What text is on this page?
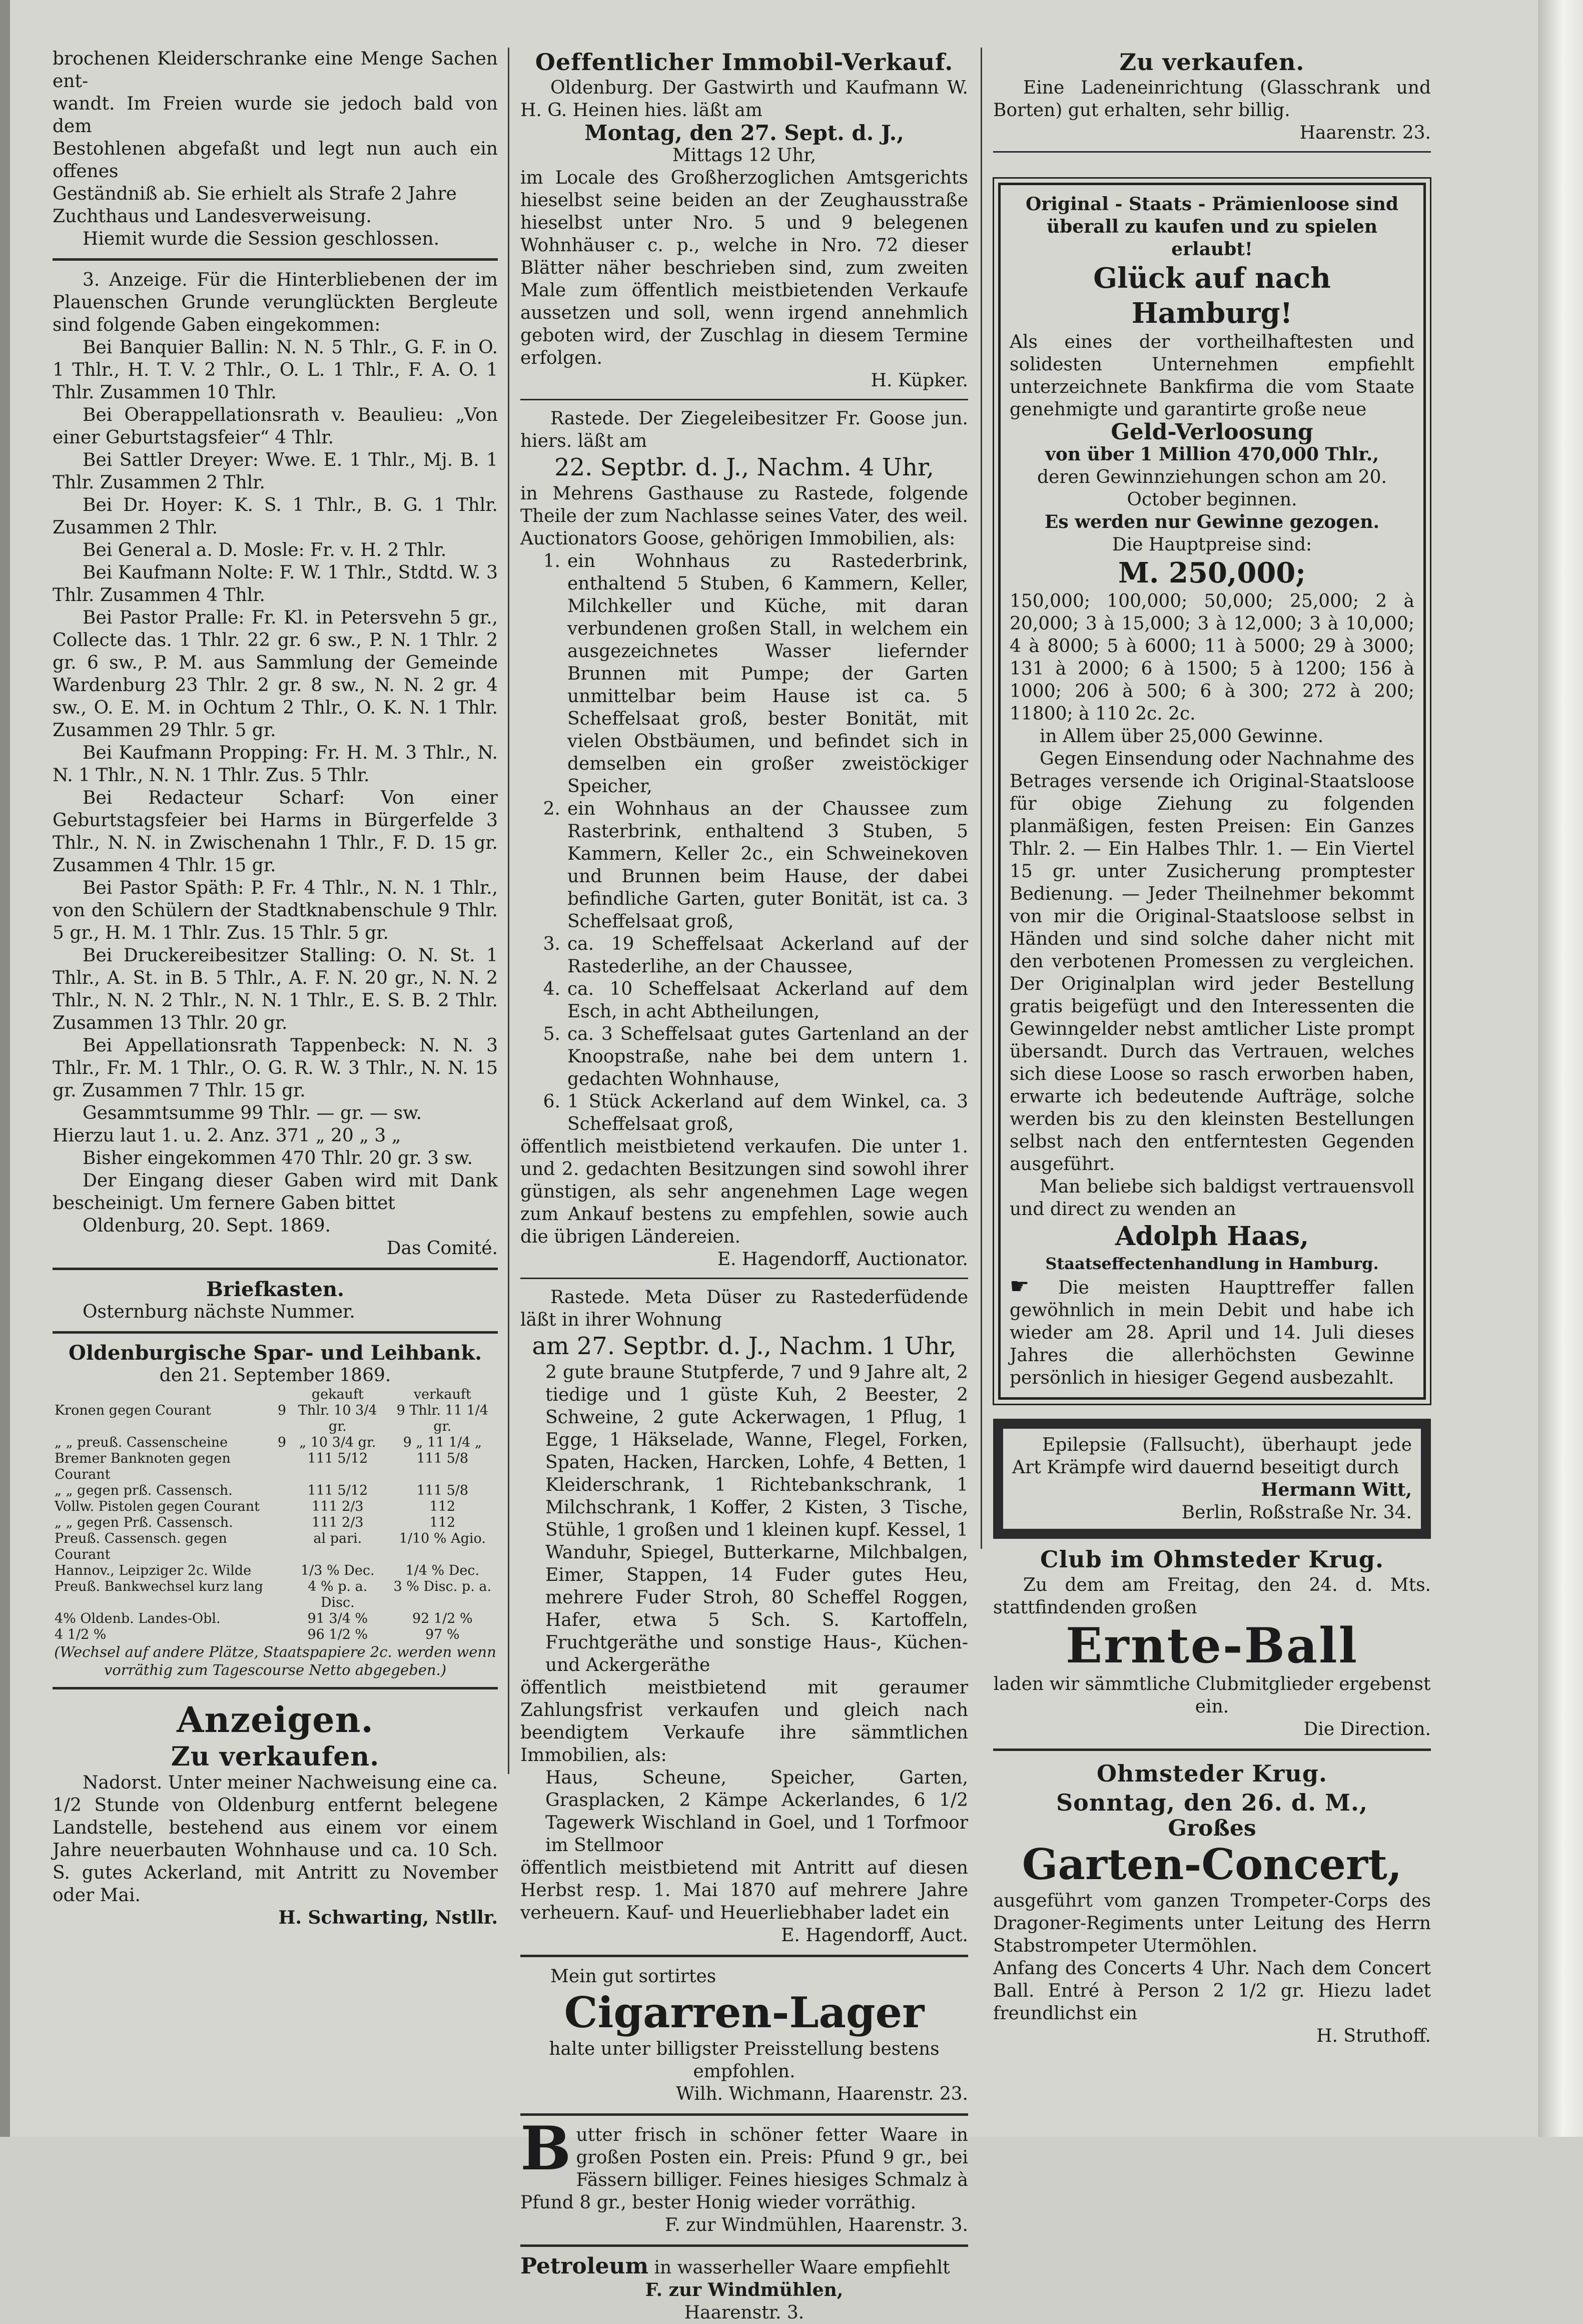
brochenen Kleiderschranke eine Menge Sachen ent-

wandt. Im Freien wurde sie jedoch bald von dem

Bestohlenen abgefaßt und legt nun auch ein offenes

Geständniß ab. Sie erhielt als Strafe 2 Jahre

Zuchthaus und Landesverweisung.

Hiemit wurde die Session geschlossen.

3. Anzeige. Für die Hinterbliebenen der im Plauenschen Grunde verunglückten Bergleute sind folgende Gaben eingekommen:

Bei Banquier Ballin: N. N. 5 Thlr., G. F. in O. 1 Thlr., H. T. V. 2 Thlr., O. L. 1 Thlr., F. A. O. 1 Thlr. Zusammen 10 Thlr.

Bei Oberappellationsrath v. Beaulieu: „Von einer Geburtstagsfeier“ 4 Thlr.

Bei Sattler Dreyer: Wwe. E. 1 Thlr., Mj. B. 1 Thlr. Zusammen 2 Thlr.

Bei Dr. Hoyer: K. S. 1 Thlr., B. G. 1 Thlr. Zusammen 2 Thlr.

Bei General a. D. Mosle: Fr. v. H. 2 Thlr.

Bei Kaufmann Nolte: F. W. 1 Thlr., Stdtd. W. 3 Thlr. Zusammen 4 Thlr.

Bei Pastor Pralle: Fr. Kl. in Petersvehn 5 gr., Collecte das. 1 Thlr. 22 gr. 6 sw., P. N. 1 Thlr. 2 gr. 6 sw., P. M. aus Sammlung der Gemeinde Wardenburg 23 Thlr. 2 gr. 8 sw., N. N. 2 gr. 4 sw., O. E. M. in Ochtum 2 Thlr., O. K. N. 1 Thlr. Zusammen 29 Thlr. 5 gr.

Bei Kaufmann Propping: Fr. H. M. 3 Thlr., N. N. 1 Thlr., N. N. 1 Thlr. Zus. 5 Thlr.

Bei Redacteur Scharf: Von einer Geburtstagsfeier bei Harms in Bürgerfelde 3 Thlr., N. N. in Zwischenahn 1 Thlr., F. D. 15 gr. Zusammen 4 Thlr. 15 gr.

Bei Pastor Späth: P. Fr. 4 Thlr., N. N. 1 Thlr., von den Schülern der Stadtknabenschule 9 Thlr. 5 gr., H. M. 1 Thlr. Zus. 15 Thlr. 5 gr.

Bei Druckereibesitzer Stalling: O. N. St. 1 Thlr., A. St. in B. 5 Thlr., A. F. N. 20 gr., N. N. 2 Thlr., N. N. 2 Thlr., N. N. 1 Thlr., E. S. B. 2 Thlr. Zusammen 13 Thlr. 20 gr.

Bei Appellationsrath Tappenbeck: N. N. 3 Thlr., Fr. M. 1 Thlr., O. G. R. W. 3 Thlr., N. N. 15 gr. Zusammen 7 Thlr. 15 gr.

Gesammtsumme 99 Thlr. — gr. — sw.

Hierzu laut 1. u. 2. Anz. 371 „ 20 „ 3 „

Bisher eingekommen 470 Thlr. 20 gr. 3 sw.

Der Eingang dieser Gaben wird mit Dank bescheinigt. Um fernere Gaben bittet

Oldenburg, 20. Sept. 1869.

Das Comité.

Briefkasten.

Osternburg nächste Nummer.

Oldenburgische Spar- und Leihbank.

den 21. September 1869.

		gekauft	verkauft
Kronen gegen Courant	9	Thlr. 10 3/4 gr.	9 Thlr. 11 1/4 gr.
„ „ preuß. Cassenscheine	9	„ 10 3/4 gr.	9 „ 11 1/4 „
Bremer Banknoten gegen Courant		111 5/12	111 5/8
„ „ gegen prß. Cassensch.		111 5/12	111 5/8
Vollw. Pistolen gegen Courant		111 2/3	112
„ „ gegen Prß. Cassensch.		111 2/3	112
Preuß. Cassensch. gegen Courant		al pari.	1/10 % Agio.
Hannov., Leipziger 2c. Wilde		1/3 % Dec.	1/4 % Dec.
Preuß. Bankwechsel kurz lang		4 % p. a. Disc.	3 % Disc. p. a.
4% Oldenb. Landes-Obl.		91 3/4 %	92 1/2 %
4 1/2 %		96 1/2 %	97 %

(Wechsel auf andere Plätze, Staatspapiere 2c. werden wenn vorräthig zum Tagescourse Netto abgegeben.)

Anzeigen.

Zu verkaufen.

Nadorst. Unter meiner Nachweisung eine ca. 1/2 Stunde von Oldenburg entfernt belegene Landstelle, bestehend aus einem vor einem Jahre neuerbauten Wohnhause und ca. 10 Sch. S. gutes Ackerland, mit Antritt zu November oder Mai.

H. Schwarting, Nstllr.

Oeffentlicher Immobil-Verkauf.

Oldenburg. Der Gastwirth und Kaufmann W. H. G. Heinen hies. läßt am

Montag, den 27. Sept. d. J.,

Mittags 12 Uhr,

im Locale des Großherzoglichen Amtsgerichts hieselbst seine beiden an der Zeughausstraße hieselbst unter Nro. 5 und 9 belegenen Wohnhäuser c. p., welche in Nro. 72 dieser Blätter näher beschrieben sind, zum zweiten Male zum öffentlich meistbietenden Verkaufe aussetzen und soll, wenn irgend annehmlich geboten wird, der Zuschlag in diesem Termine erfolgen.

H. Küpker.

Rastede. Der Ziegeleibesitzer Fr. Goose jun. hiers. läßt am

22. Septbr. d. J., Nachm. 4 Uhr,

in Mehrens Gasthause zu Rastede, folgende Theile der zum Nachlasse seines Vater, des weil. Auctionators Goose, gehörigen Immobilien, als:

1. ein Wohnhaus zu Rastederbrink, enthaltend 5 Stuben, 6 Kammern, Keller, Milchkeller und Küche, mit daran verbundenen großen Stall, in welchem ein ausgezeichnetes Wasser liefernder Brunnen mit Pumpe; der Garten unmittelbar beim Hause ist ca. 5 Scheffelsaat groß, bester Bonität, mit vielen Obstbäumen, und befindet sich in demselben ein großer zweistöckiger Speicher,
2. ein Wohnhaus an der Chaussee zum Rasterbrink, enthaltend 3 Stuben, 5 Kammern, Keller 2c., ein Schweinekoven und Brunnen beim Hause, der dabei befindliche Garten, guter Bonität, ist ca. 3 Scheffelsaat groß,
3. ca. 19 Scheffelsaat Ackerland auf der Rastederlihe, an der Chaussee,
4. ca. 10 Scheffelsaat Ackerland auf dem Esch, in acht Abtheilungen,
5. ca. 3 Scheffelsaat gutes Gartenland an der Knoopstraße, nahe bei dem untern 1. gedachten Wohnhause,
6. 1 Stück Ackerland auf dem Winkel, ca. 3 Scheffelsaat groß,

öffentlich meistbietend verkaufen. Die unter 1. und 2. gedachten Besitzungen sind sowohl ihrer günstigen, als sehr angenehmen Lage wegen zum Ankauf bestens zu empfehlen, sowie auch die übrigen Ländereien.

E. Hagendorff, Auctionator.

Rastede. Meta Düser zu Rastederfüdende läßt in ihrer Wohnung

am 27. Septbr. d. J., Nachm. 1 Uhr,

2 gute braune Stutpferde, 7 und 9 Jahre alt, 2 tiedige und 1 güste Kuh, 2 Beester, 2 Schweine, 2 gute Ackerwagen, 1 Pflug, 1 Egge, 1 Häkselade, Wanne, Flegel, Forken, Spaten, Hacken, Harcken, Lohfe, 4 Betten, 1 Kleiderschrank, 1 Richtebankschrank, 1 Milchschrank, 1 Koffer, 2 Kisten, 3 Tische, Stühle, 1 großen und 1 kleinen kupf. Kessel, 1 Wanduhr, Spiegel, Butterkarne, Milchbalgen, Eimer, Stappen, 14 Fuder gutes Heu, mehrere Fuder Stroh, 80 Scheffel Roggen, Hafer, etwa 5 Sch. S. Kartoffeln, Fruchtgeräthe und sonstige Haus-, Küchen- und Ackergeräthe

öffentlich meistbietend mit geraumer Zahlungsfrist verkaufen und gleich nach beendigtem Verkaufe ihre sämmtlichen Immobilien, als:

Haus, Scheune, Speicher, Garten, Grasplacken, 2 Kämpe Ackerlandes, 6 1/2 Tagewerk Wischland in Goel, und 1 Torfmoor im Stellmoor

öffentlich meistbietend mit Antritt auf diesen Herbst resp. 1. Mai 1870 auf mehrere Jahre verheuern. Kauf- und Heuerliebhaber ladet ein

E. Hagendorff, Auct.

Mein gut sortirtes

Cigarren-Lager

halte unter billigster Preisstellung bestens empfohlen.

Wilh. Wichmann, Haarenstr. 23.

B utter frisch in schöner fetter Waare in großen Posten ein. Preis: Pfund 9 gr., bei Fässern billiger. Feines hiesiges Schmalz à Pfund 8 gr., bester Honig wieder vorräthig.

F. zur Windmühlen, Haarenstr. 3.

Petroleum in wasserheller Waare empfiehlt

F. zur Windmühlen,

Haarenstr. 3.

Zu verkaufen.

Eine Ladeneinrichtung (Glasschrank und Borten) gut erhalten, sehr billig.

Haarenstr. 23.

Original - Staats - Prämienloose sind überall zu kaufen und zu spielen erlaubt!

Glück auf nach Hamburg!

Als eines der vortheilhaftesten und solidesten Unternehmen empfiehlt unterzeichnete Bankfirma die vom Staate genehmigte und garantirte große neue

Geld-Verloosung

von über 1 Million 470,000 Thlr.,

deren Gewinnziehungen schon am 20. October beginnen.

Es werden nur Gewinne gezogen.

Die Hauptpreise sind:

M. 250,000;

150,000; 100,000; 50,000; 25,000; 2 à 20,000; 3 à 15,000; 3 à 12,000; 3 à 10,000; 4 à 8000; 5 à 6000; 11 à 5000; 29 à 3000; 131 à 2000; 6 à 1500; 5 à 1200; 156 à 1000; 206 à 500; 6 à 300; 272 à 200; 11800; à 110 2c. 2c.

in Allem über 25,000 Gewinne.

Gegen Einsendung oder Nachnahme des Betrages versende ich Original-Staatsloose für obige Ziehung zu folgenden planmäßigen, festen Preisen: Ein Ganzes Thlr. 2. — Ein Halbes Thlr. 1. — Ein Viertel 15 gr. unter Zusicherung promptester Bedienung. — Jeder Theilnehmer bekommt von mir die Original-Staatsloose selbst in Händen und sind solche daher nicht mit den verbotenen Promessen zu vergleichen. Der Originalplan wird jeder Bestellung gratis beigefügt und den Interessenten die Gewinngelder nebst amtlicher Liste prompt übersandt. Durch das Vertrauen, welches sich diese Loose so rasch erworben haben, erwarte ich bedeutende Aufträge, solche werden bis zu den kleinsten Bestellungen selbst nach den entferntesten Gegenden ausgeführt.

Man beliebe sich baldigst vertrauensvoll und direct zu wenden an

Adolph Haas,

Staatseffectenhandlung in Hamburg.

☛ Die meisten Haupttreffer fallen gewöhnlich in mein Debit und habe ich wieder am 28. April und 14. Juli dieses Jahres die allerhöchsten Gewinne persönlich in hiesiger Gegend ausbezahlt.

Epilepsie (Fallsucht), überhaupt jede Art Krämpfe wird dauernd beseitigt durch

Hermann Witt,

Berlin, Roßstraße Nr. 34.

Club im Ohmsteder Krug.

Zu dem am Freitag, den 24. d. Mts. stattfindenden großen

Ernte-Ball

laden wir sämmtliche Clubmitglieder ergebenst ein.

Die Direction.

Ohmsteder Krug.

Sonntag, den 26. d. M.,

Großes

Garten-Concert,

ausgeführt vom ganzen Trompeter-Corps des Dragoner-Regiments unter Leitung des Herrn Stabstrompeter Utermöhlen.

Anfang des Concerts 4 Uhr. Nach dem Concert Ball. Entré à Person 2 1/2 gr. Hiezu ladet freundlichst ein

H. Struthoff.
